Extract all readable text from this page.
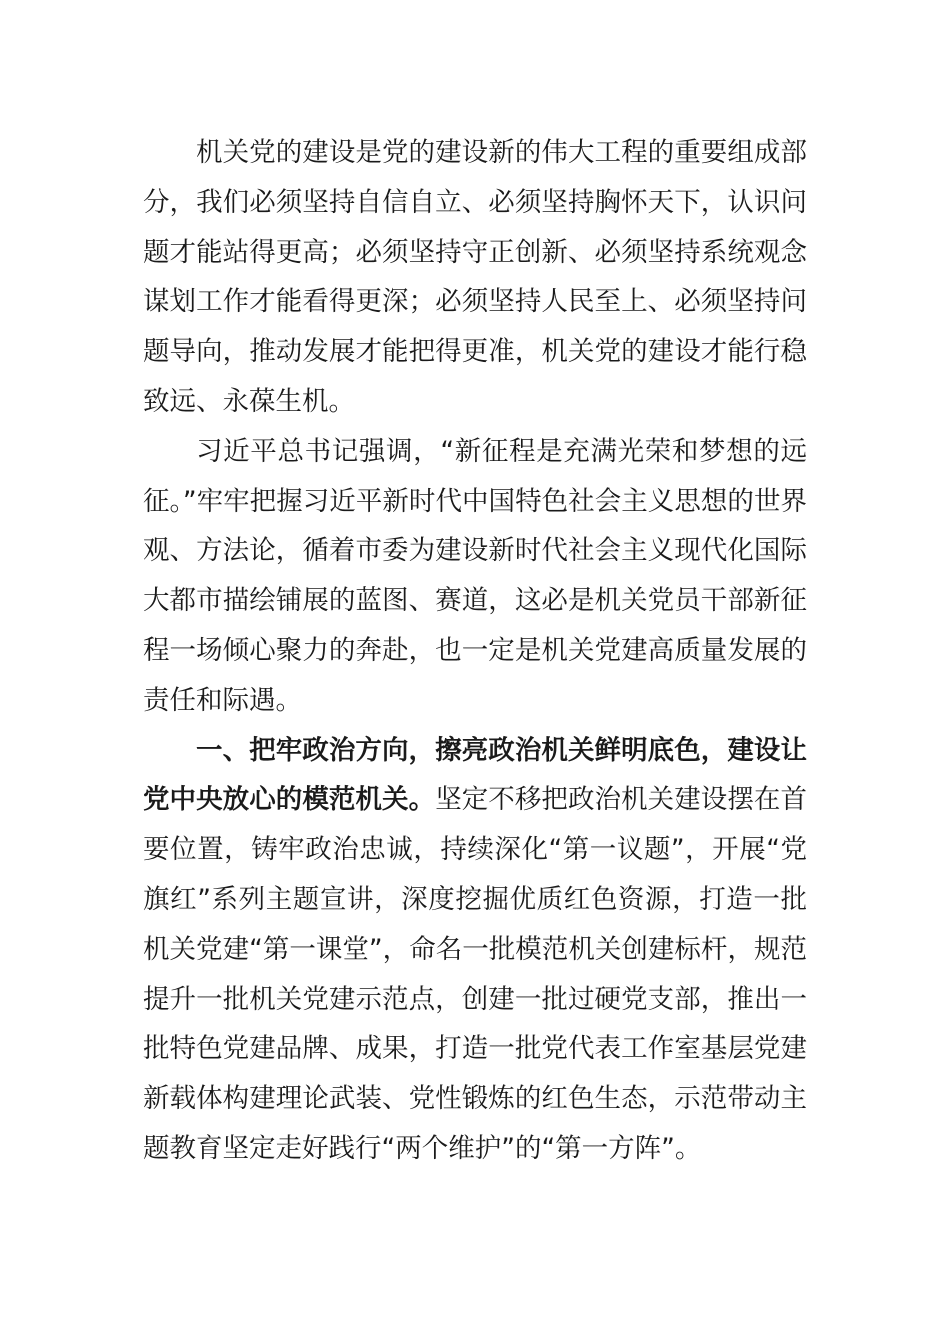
机关党的建设是党的建设新的伟大工程的重要组成部分，我们必须坚持自信自立、必须坚持胸怀天下，认识问题才能站得更高；必须坚持守正创新、必须坚持系统观念谋划工作才能看得更深；必须坚持人民至上、必须坚持问题导向，推动发展才能把得更准，机关党的建设才能行稳致远、永葆生机。

习近平总书记强调，“新征程是充满光荣和梦想的远征。”牢牢把握习近平新时代中国特色社会主义思想的世界观、方法论，循着市委为建设新时代社会主义现代化国际大都市描绘铺展的蓝图、赛道，这必是机关党员干部新征程一场倾心聚力的奔赴，也一定是机关党建高质量发展的责任和际遇。

一、把牢政治方向，擦亮政治机关鲜明底色，建设让党中央放心的模范机关。坚定不移把政治机关建设摆在首要位置，铸牢政治忠诚，持续深化“第一议题”，开展“党旗红”系列主题宣讲，深度挖掘优质红色资源，打造一批机关党建“第一课堂”，命名一批模范机关创建标杆，规范提升一批机关党建示范点，创建一批过硬党支部，推出一批特色党建品牌、成果，打造一批党代表工作室基层党建新载体构建理论武装、党性锻炼的红色生态，示范带动主题教育坚定走好践行“两个维护”的“第一方阵”。
